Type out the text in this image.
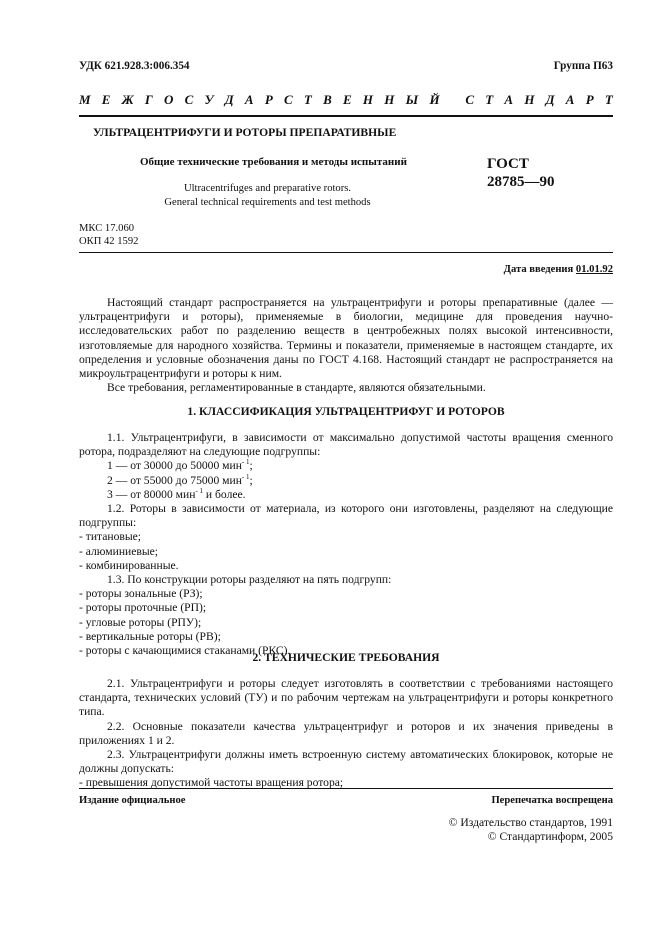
УДК 621.928.3:006.354	Группа П63
М Е Ж Г О С У Д А Р С Т В Е Н Н Ы Й
С Т А Н Д А Р Т
УЛЬТРАЦЕНТРИФУГИ И РОТОРЫ ПРЕПАРАТИВНЫЕ
Общие технические требования и методы испытаний
Ultracentrifuges and preparative rotors.
General technical requirements and test methods
ГОСТ
28785—90
МКС 17.060
ОКП 42 1592
Дата введения 01.01.92

Настоящий стандарт распространяется на ультрацентрифуги и роторы препаративные (далее — ультрацентрифуги и роторы), применяемые в биологии, медицине для проведения научно-исследовательских работ по разделению веществ в центробежных полях высокой интенсивности, изготовляемые для народного хозяйства. Термины и показатели, применяемые в настоящем стандарте, их определения и условные обозначения даны по ГОСТ 4.168. Настоящий стандарт не распространяется на микроультрацентрифуги и роторы к ним.

Все требования, регламентированные в стандарте, являются обязательными.

1. КЛАССИФИКАЦИЯ УЛЬТРАЦЕНТРИФУГ И РОТОРОВ

1.1. Ультрацентрифуги, в зависимости от максимально допустимой частоты вращения сменного ротора, подразделяют на следующие подгруппы:

1 — от 30000 до 50000 мин$^{- 1}$;

2 — от 55000 до 75000 мин$^{- 1}$;

3 — от 80000 мин$^{- 1}$ и более.

1.2. Роторы в зависимости от материала, из которого они изготовлены, разделяют на следующие подгруппы:

- титановые;

- алюминиевые;

- комбинированные.

1.3. По конструкции роторы разделяют на пять подгрупп:

- роторы зональные (РЗ);

- роторы проточные (РП);

- угловые роторы (РПУ);

- вертикальные роторы (РВ);

- роторы с качающимися стаканами (РКС).

2. ТЕХНИЧЕСКИЕ ТРЕБОВАНИЯ

2.1. Ультрацентрифуги и роторы следует изготовлять в соответствии с требованиями настоящего стандарта, технических условий (ТУ) и по рабочим чертежам на ультрацентрифуги и роторы конкретного типа.

2.2. Основные показатели качества ультрацентрифуг и роторов и их значения приведены в приложениях 1 и 2.

2.3. Ультрацентрифуги должны иметь встроенную систему автоматических блокировок, которые не должны допускать:

- превышения допустимой частоты вращения ротора;

Издание официальное	Перепечатка воспрещена
© Издательство стандартов, 1991
© Стандартинформ, 2005
